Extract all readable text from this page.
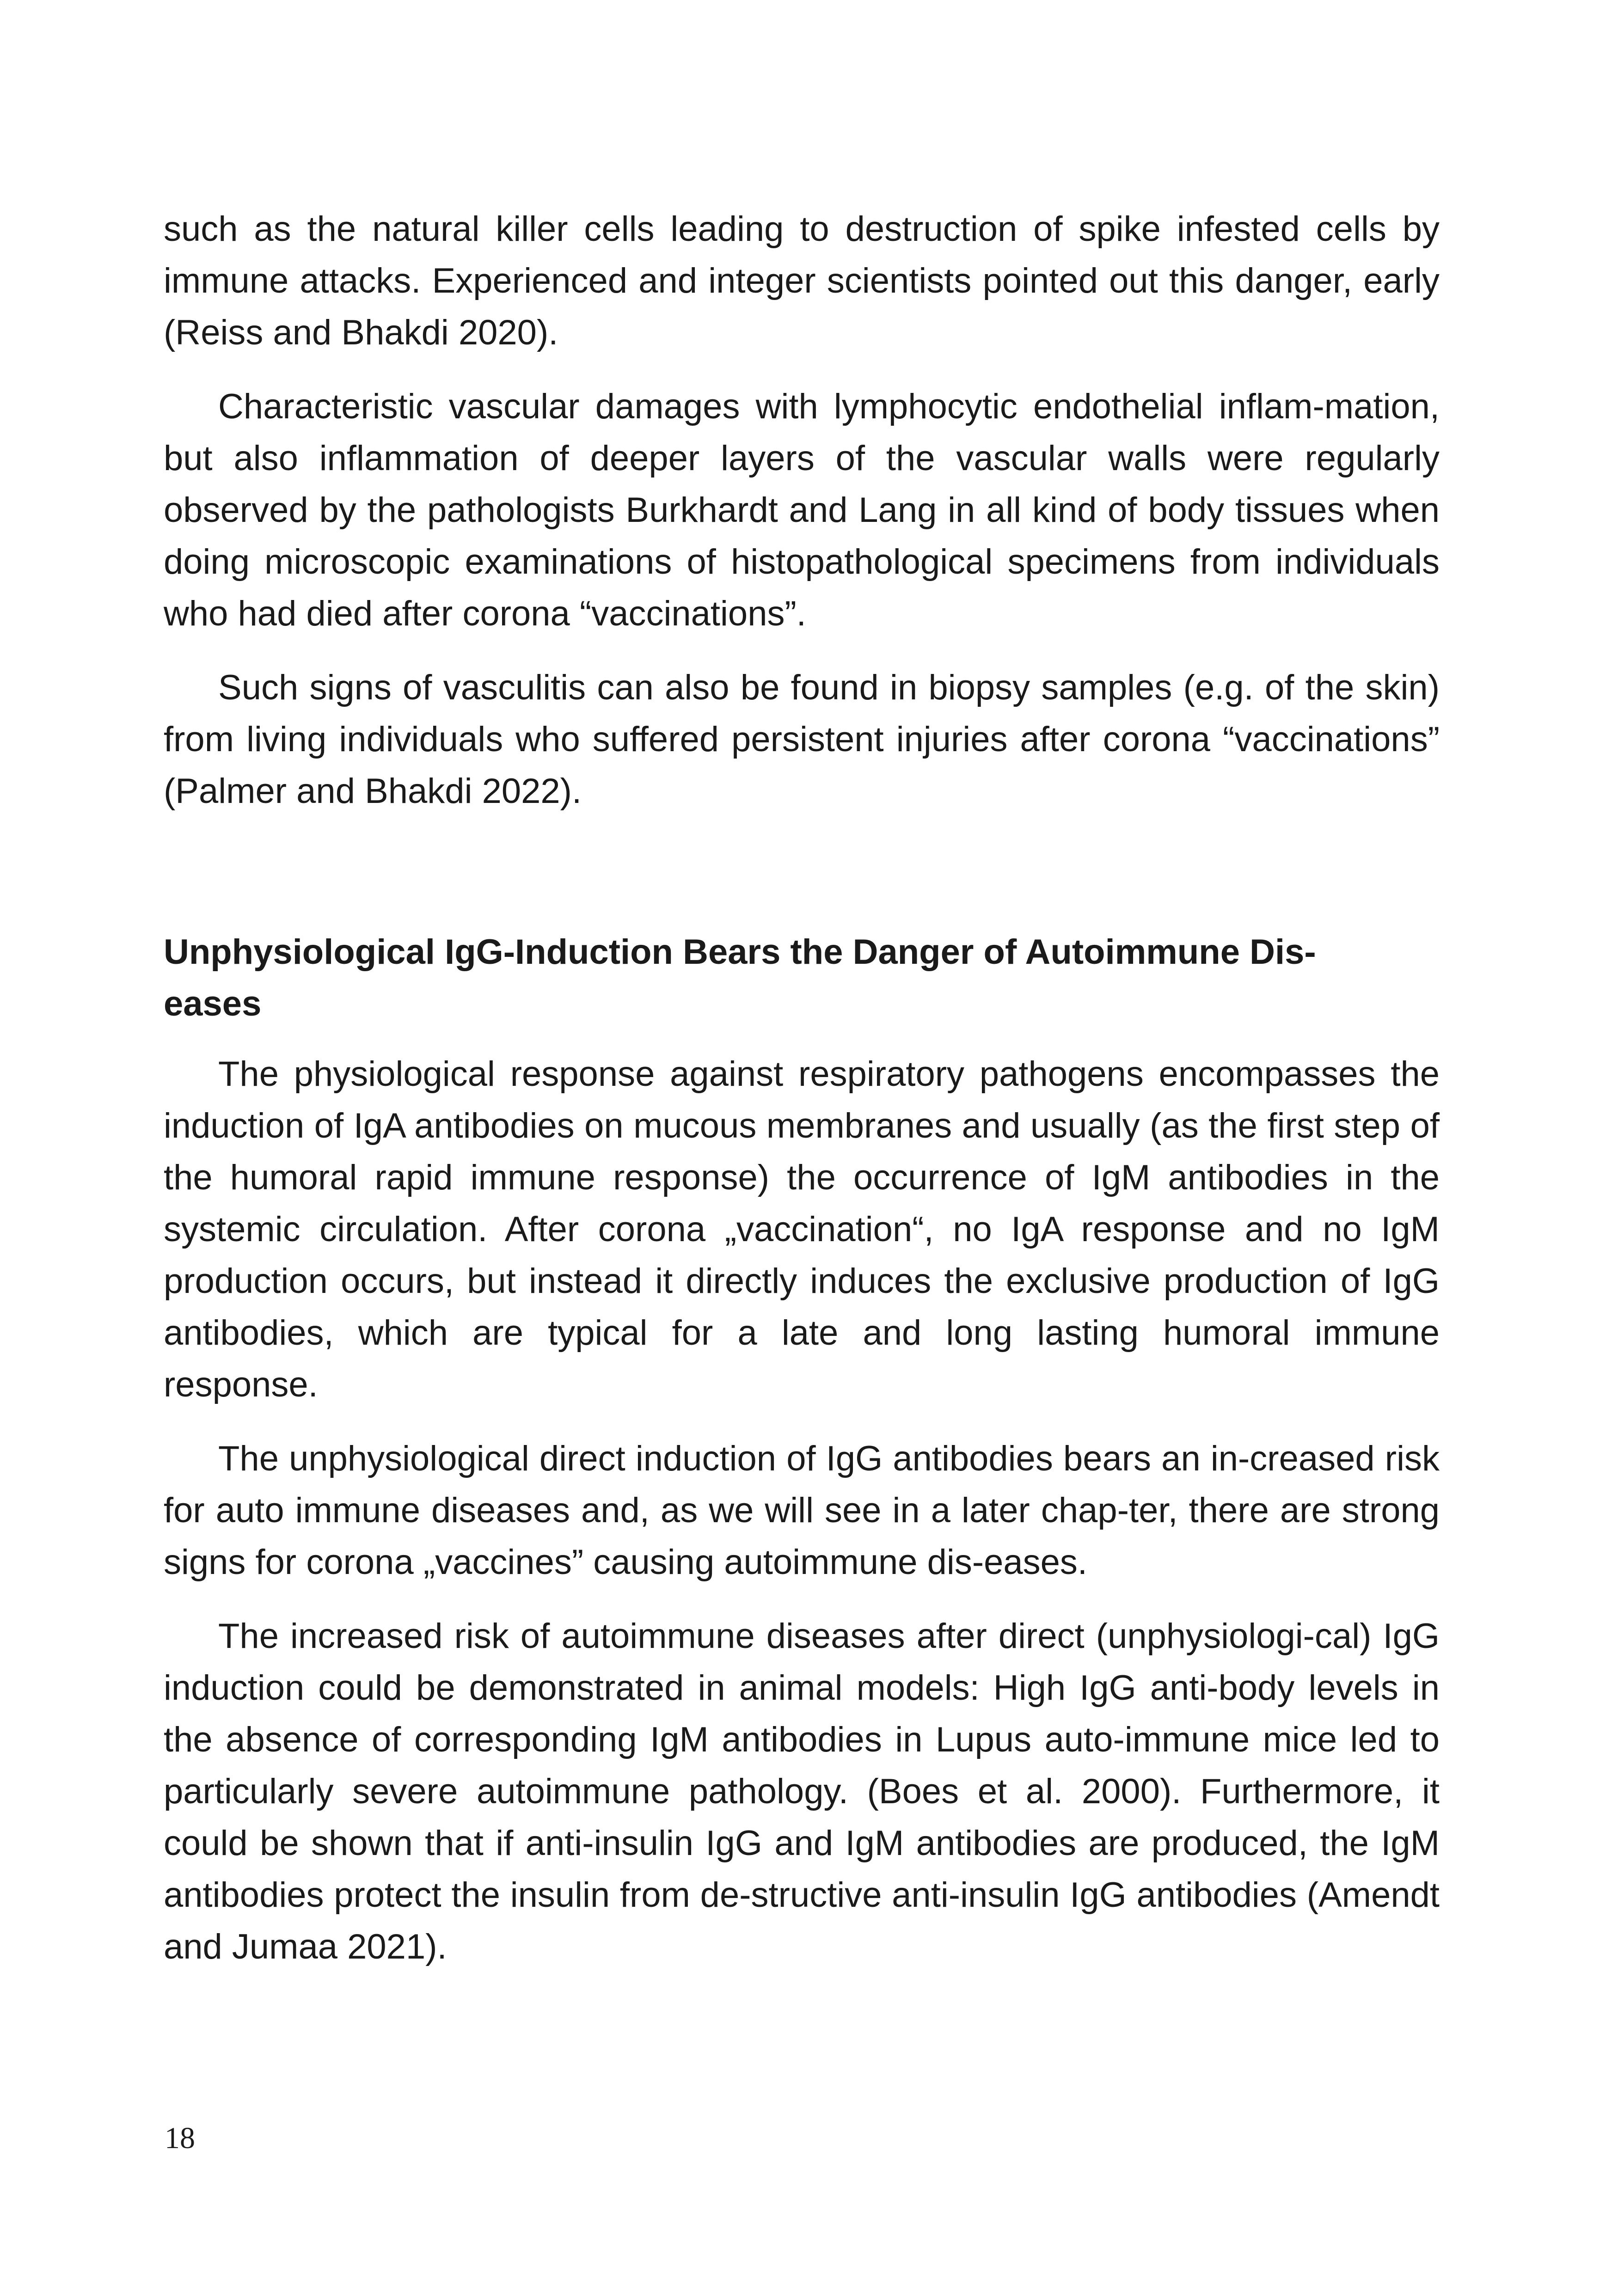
such as the natural killer cells leading to destruction of spike infested cells by immune attacks. Experienced and integer scientists pointed out this danger, early (Reiss and Bhakdi 2020).

Characteristic vascular damages with lymphocytic endothelial inflam-mation, but also inflammation of deeper layers of the vascular walls were regularly observed by the pathologists Burkhardt and Lang in all kind of body tissues when doing microscopic examinations of histopathological specimens from individuals who had died after corona “vaccinations”.

Such signs of vasculitis can also be found in biopsy samples (e.g. of the skin) from living individuals who suffered persistent injuries after corona “vaccinations” (Palmer and Bhakdi 2022).

Unphysiological IgG-Induction Bears the Danger of Autoimmune Dis-
eases

The physiological response against respiratory pathogens encompasses the induction of IgA antibodies on mucous membranes and usually (as the first step of the humoral rapid immune response) the occurrence of IgM antibodies in the systemic circulation. After corona „vaccination“, no IgA response and no IgM production occurs, but instead it directly induces the exclusive production of IgG antibodies, which are typical for a late and long lasting humoral immune response.

The unphysiological direct induction of IgG antibodies bears an in-creased risk for auto immune diseases and, as we will see in a later chap-ter, there are strong signs for corona „vaccines” causing autoimmune dis-eases.

The increased risk of autoimmune diseases after direct (unphysiologi-cal) IgG induction could be demonstrated in animal models: High IgG anti-body levels in the absence of corresponding IgM antibodies in Lupus auto-immune mice led to particularly severe autoimmune pathology. (Boes et al. 2000). Furthermore, it could be shown that if anti-insulin IgG and IgM antibodies are produced, the IgM antibodies protect the insulin from de-structive anti-insulin IgG antibodies (Amendt and Jumaa 2021).

18
